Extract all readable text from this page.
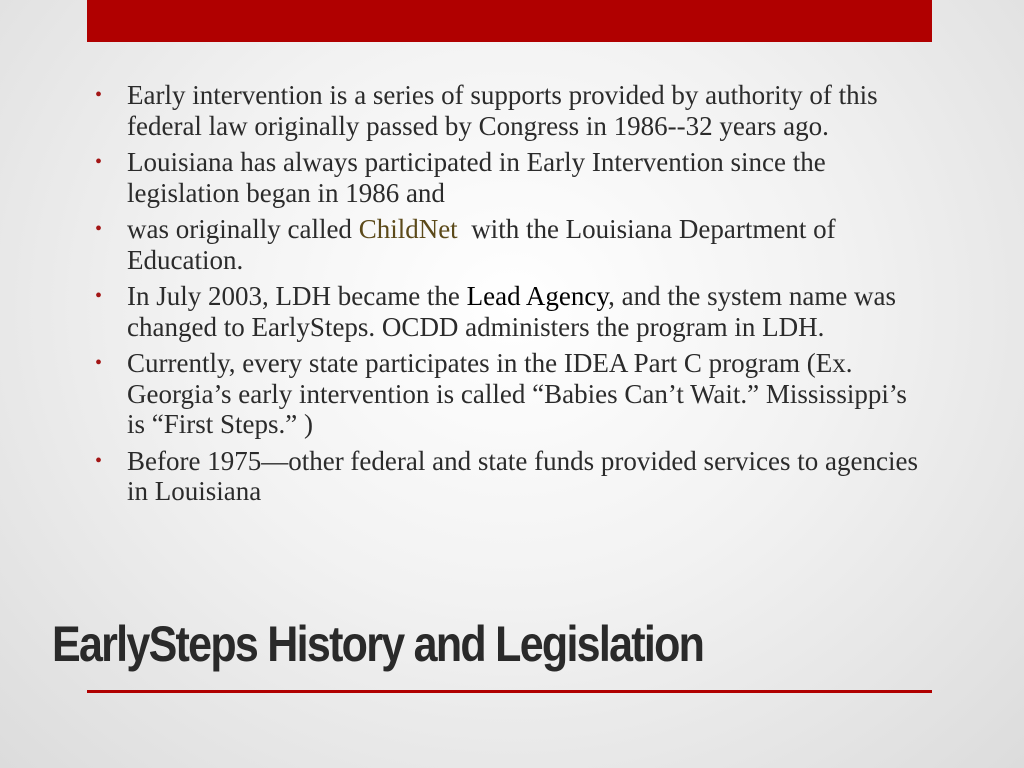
• Early intervention is a series of supports provided by authority of this federal law originally passed by Congress in 1986--32 years ago.
• Louisiana has always participated in Early Intervention since the legislation began in 1986 and
• was originally called ChildNet  with the Louisiana Department of Education.
• In July 2003, LDH became the Lead Agency, and the system name was changed to EarlySteps. OCDD administers the program in LDH.
• Currently, every state participates in the IDEA Part C program (Ex. Georgia’s early intervention is called “Babies Can’t Wait.” Mississippi’s is “First Steps.” )
• Before 1975—other federal and state funds provided services to agencies in Louisiana
EarlySteps History and Legislation
